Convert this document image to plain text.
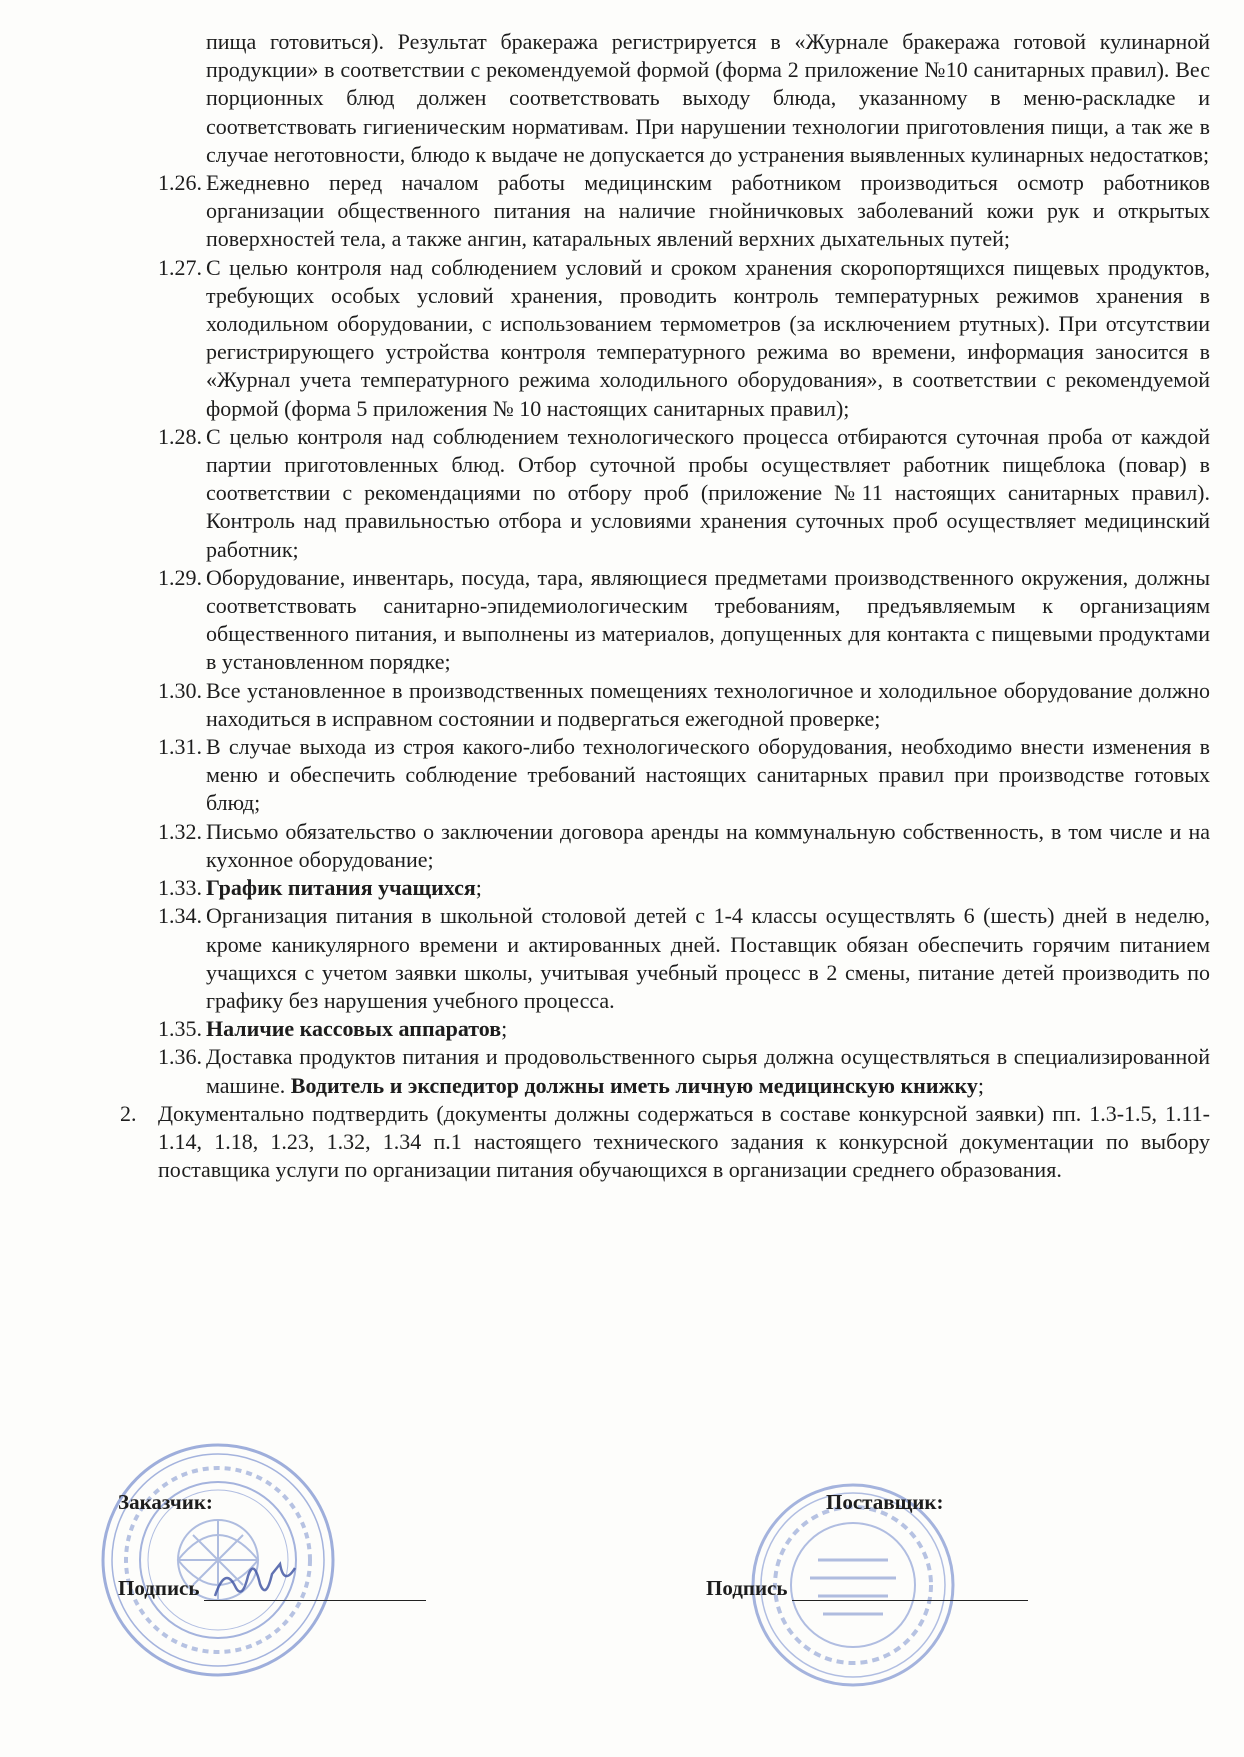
пища готовиться). Результат бракеража регистрируется в «Журнале бракеража готовой кулинарной продукции» в соответствии с рекомендуемой формой (форма 2 приложение №10 санитарных правил). Вес порционных блюд должен соответствовать выходу блюда, указанному в меню-раскладке и соответствовать гигиеническим нормативам. При нарушении технологии приготовления пищи, а так же в случае неготовности, блюдо к выдаче не допускается до устранения выявленных кулинарных недостатков;
1.26. Ежедневно перед началом работы медицинским работником производиться осмотр работников организации общественного питания на наличие гнойничковых заболеваний кожи рук и открытых поверхностей тела, а также ангин, катаральных явлений верхних дыхательных путей;
1.27. С целью контроля над соблюдением условий и сроком хранения скоропортящихся пищевых продуктов, требующих особых условий хранения, проводить контроль температурных режимов хранения в холодильном оборудовании, с использованием термометров (за исключением ртутных). При отсутствии регистрирующего устройства контроля температурного режима во времени, информация заносится в «Журнал учета температурного режима холодильного оборудования», в соответствии с рекомендуемой формой (форма 5 приложения № 10 настоящих санитарных правил);
1.28. С целью контроля над соблюдением технологического процесса отбираются суточная проба от каждой партии приготовленных блюд. Отбор суточной пробы осуществляет работник пищеблока (повар) в соответствии с рекомендациями по отбору проб (приложение №11 настоящих санитарных правил). Контроль над правильностью отбора и условиями хранения суточных проб осуществляет медицинский работник;
1.29. Оборудование, инвентарь, посуда, тара, являющиеся предметами производственного окружения, должны соответствовать санитарно-эпидемиологическим требованиям, предъявляемым к организациям общественного питания, и выполнены из материалов, допущенных для контакта с пищевыми продуктами в установленном порядке;
1.30. Все установленное в производственных помещениях технологичное и холодильное оборудование должно находиться в исправном состоянии и подвергаться ежегодной проверке;
1.31. В случае выхода из строя какого-либо технологического оборудования, необходимо внести изменения в меню и обеспечить соблюдение требований настоящих санитарных правил при производстве готовых блюд;
1.32. Письмо обязательство о заключении договора аренды на коммунальную собственность, в том числе и на кухонное оборудование;
1.33. График питания учащихся;
1.34. Организация питания в школьной столовой детей с 1-4 классы осуществлять 6 (шесть) дней в неделю, кроме каникулярного времени и актированных дней. Поставщик обязан обеспечить горячим питанием учащихся с учетом заявки школы, учитывая учебный процесс в 2 смены, питание детей производить по графику без нарушения учебного процесса.
1.35. Наличие кассовых аппаратов;
1.36. Доставка продуктов питания и продовольственного сырья должна осуществляться в специализированной машине. Водитель и экспедитор должны иметь личную медицинскую книжку;
2. Документально подтвердить (документы должны содержаться в составе конкурсной заявки) пп. 1.3-1.5, 1.11-1.14, 1.18, 1.23, 1.32, 1.34 п.1 настоящего технического задания к конкурсной документации по выбору поставщика услуги по организации питания обучающихся в организации среднего образования.
Заказчик:
Подпись
Поставщик:
Подпись
